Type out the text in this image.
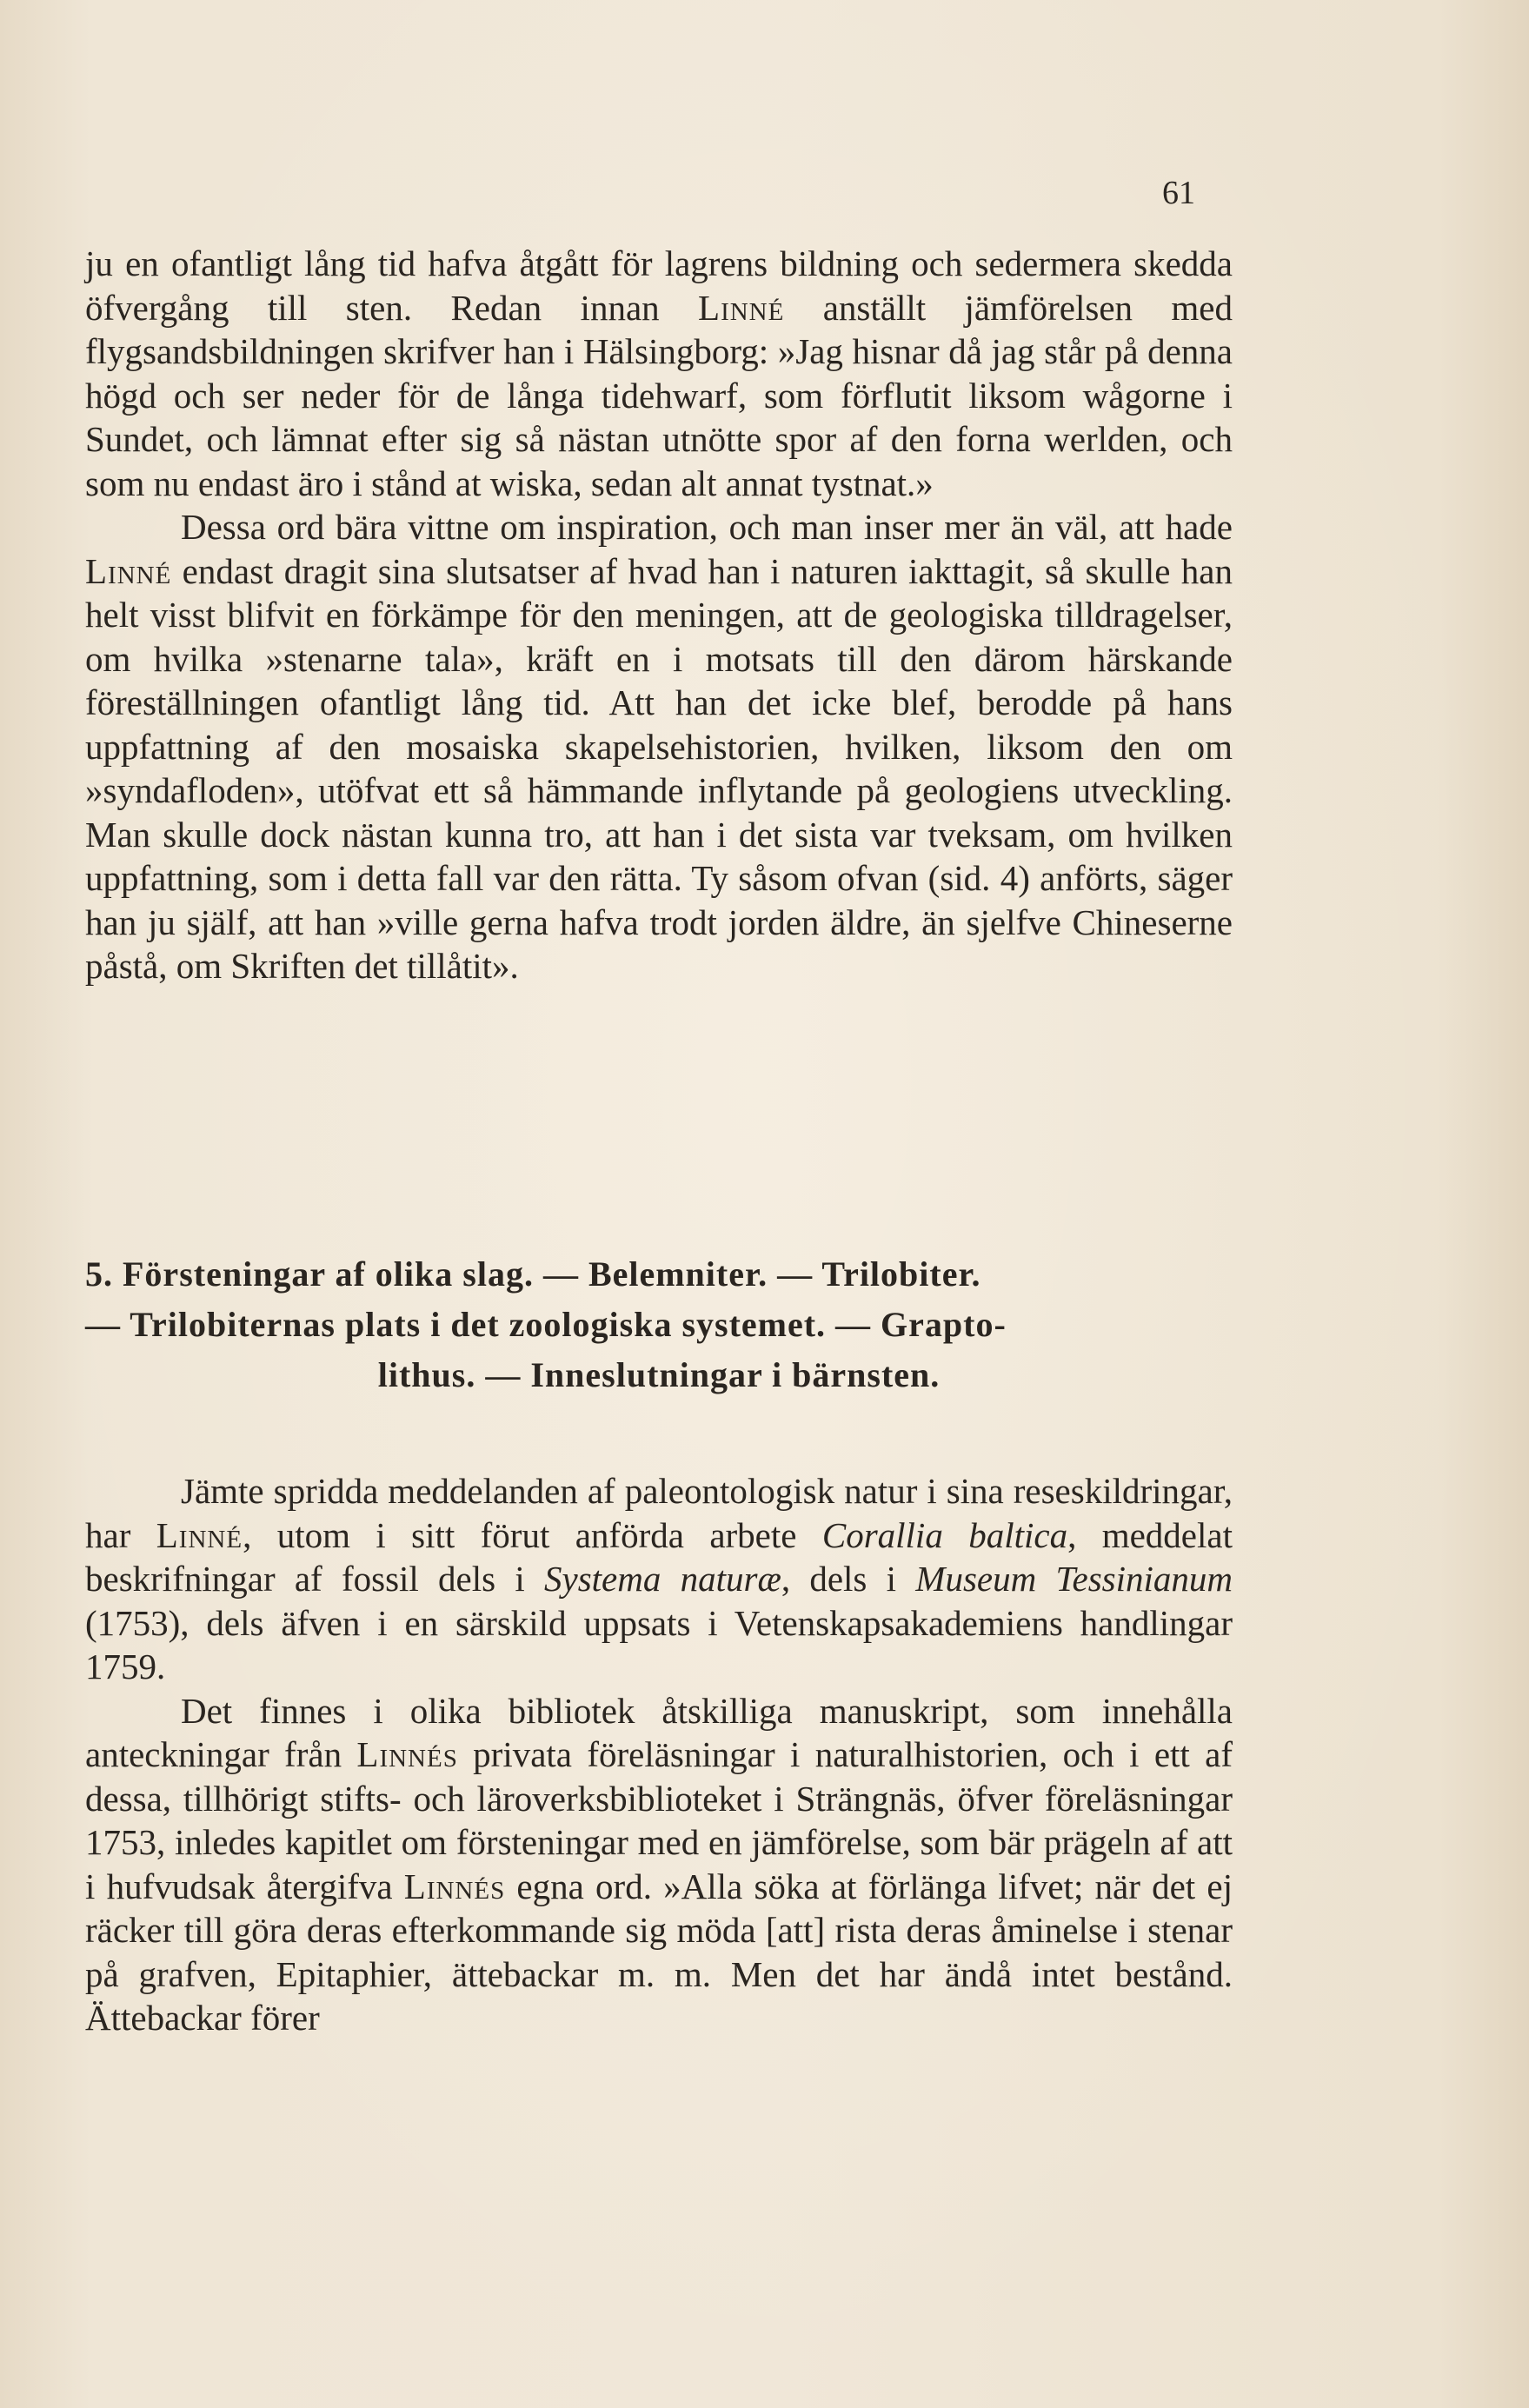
61

ju en ofantligt lång tid hafva åtgått för lagrens bildning och sedermera skedda öfvergång till sten. Redan innan Linné anställt jämförelsen med flygsandsbildningen skrifver han i Hälsingborg: »Jag hisnar då jag står på denna högd och ser neder för de långa tidehwarf, som förflutit liksom wågorne i Sundet, och lämnat efter sig så nästan utnötte spor af den forna werlden, och som nu endast äro i stånd at wiska, sedan alt annat tystnat.»

Dessa ord bära vittne om inspiration, och man inser mer än väl, att hade Linné endast dragit sina slutsatser af hvad han i naturen iakttagit, så skulle han helt visst blifvit en förkämpe för den meningen, att de geologiska tilldragelser, om hvilka »stenarne tala», kräft en i motsats till den därom härskande föreställningen ofantligt lång tid. Att han det icke blef, berodde på hans uppfattning af den mosaiska skapelsehistorien, hvilken, liksom den om »syndafloden», utöfvat ett så hämmande inflytande på geologiens utveckling. Man skulle dock nästan kunna tro, att han i det sista var tveksam, om hvilken uppfattning, som i detta fall var den rätta. Ty såsom ofvan (sid. 4) anförts, säger han ju själf, att han »ville gerna hafva trodt jorden äldre, än sjelfve Chineserne påstå, om Skriften det tillåtit».

5. Försteningar af olika slag. — Belemniter. — Trilobiter.
— Trilobiternas plats i det zoologiska systemet. — Grapto-
lithus. — Inneslutningar i bärnsten.

Jämte spridda meddelanden af paleontologisk natur i sina reseskildringar, har Linné, utom i sitt förut anförda arbete Corallia baltica, meddelat beskrifningar af fossil dels i Systema naturæ, dels i Museum Tessinianum (1753), dels äfven i en särskild uppsats i Vetenskapsakademiens handlingar 1759.

Det finnes i olika bibliotek åtskilliga manuskript, som innehålla anteckningar från Linnés privata föreläsningar i naturalhistorien, och i ett af dessa, tillhörigt stifts- och läroverksbiblioteket i Strängnäs, öfver föreläsningar 1753, inledes kapitlet om försteningar med en jämförelse, som bär prägeln af att i hufvudsak återgifva Linnés egna ord. »Alla söka at förlänga lifvet; när det ej räcker till göra deras efterkommande sig möda [att] rista deras åminelse i stenar på grafven, Epitaphier, ättebackar m. m. Men det har ändå intet bestånd. Ättebackar förer
